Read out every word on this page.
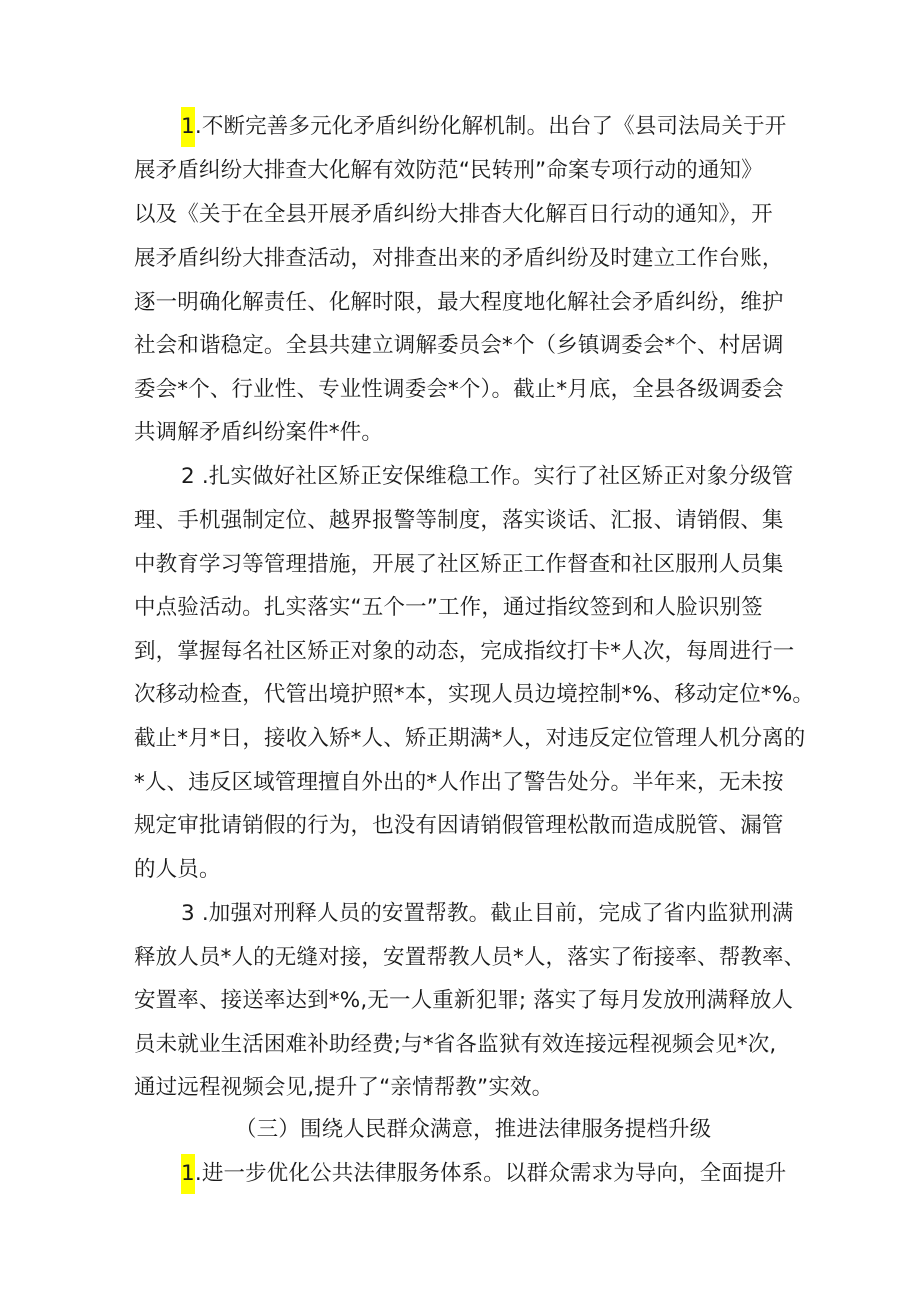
1.不断完善多元化矛盾纠纷化解机制。出台了《县司法局关于开
展矛盾纠纷大排查大化解有效防范“民转刑”命案专项行动的通知》
以及《关于在全县开展矛盾纠纷大排杳大化解百日行动的通知》，开
展矛盾纠纷大排查活动，对排查出来的矛盾纠纷及时建立工作台账，
逐一明确化解责任、化解时限，最大程度地化解社会矛盾纠纷，维护
社会和谐稳定。全县共建立调解委员会*个（乡镇调委会*个、村居调
委会*个、行业性、专业性调委会*个）。截止*月底，全县各级调委会
共调解矛盾纠纷案件*件。
2 .扎实做好社区矫正安保维稳工作。实行了社区矫正对象分级管
理、手机强制定位、越界报警等制度，落实谈话、汇报、请销假、集
中教育学习等管理措施，开展了社区矫正工作督查和社区服刑人员集
中点验活动。扎实落实“五个一”工作，通过指纹签到和人脸识别签
到，掌握每名社区矫正对象的动态，完成指纹打卡*人次，每周进行一
次移动检查，代管出境护照*本，实现人员边境控制*%、移动定位*%。
截止*月*日，接收入矫*人、矫正期满*人，对违反定位管理人机分离的
*人、违反区域管理擅自外出的*人作出了警告处分。半年来，无未按
规定审批请销假的行为，也没有因请销假管理松散而造成脱管、漏管
的人员。
3 .加强对刑释人员的安置帮教。截止目前，完成了省内监狱刑满
释放人员*人的无缝对接，安置帮教人员*人，落实了衔接率、帮教率、
安置率、接送率达到*%,无一人重新犯罪; 落实了每月发放刑满释放人
员未就业生活困难补助经费;与*省各监狱有效连接远程视频会见*次,
通过远程视频会见,提升了“亲情帮教”实效。
（三）围绕人民群众满意，推进法律服务提档升级
1.进一步优化公共法律服务体系。以群众需求为导向，全面提升
